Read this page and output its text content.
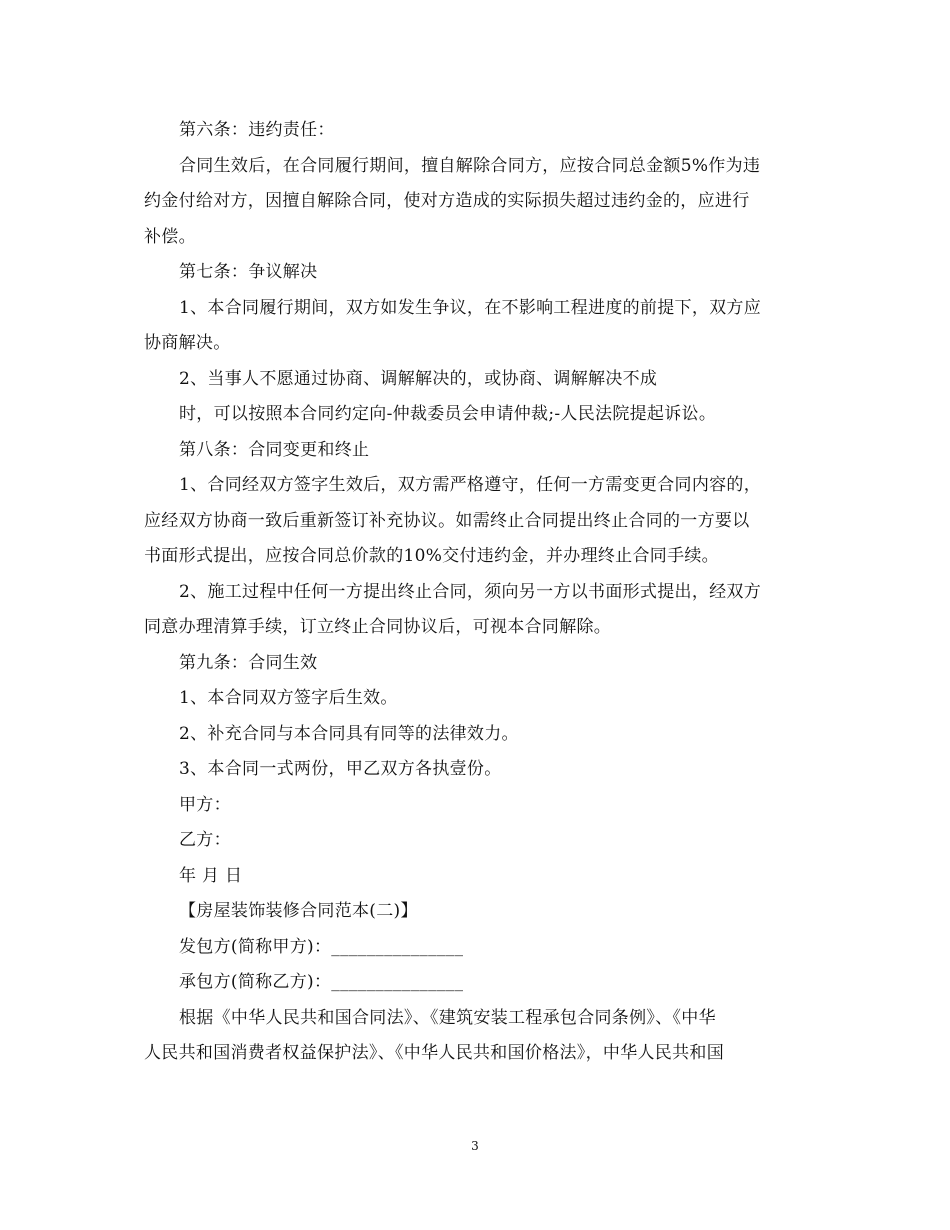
第六条：违约责任：
合同生效后，在合同履行期间，擅自解除合同方，应按合同总金额5%作为违
约金付给对方，因擅自解除合同，使对方造成的实际损失超过违约金的，应进行
补偿。
第七条：争议解决
1、本合同履行期间，双方如发生争议，在不影响工程进度的前提下，双方应
协商解决。
2、当事人不愿通过协商、调解解决的，或协商、调解解决不成
时，可以按照本合同约定向-仲裁委员会申请仲裁;-人民法院提起诉讼。
第八条：合同变更和终止
1、合同经双方签字生效后，双方需严格遵守，任何一方需变更合同内容的，
应经双方协商一致后重新签订补充协议。如需终止合同提出终止合同的一方要以
书面形式提出，应按合同总价款的10%交付违约金，并办理终止合同手续。
2、施工过程中任何一方提出终止合同，须向另一方以书面形式提出，经双方
同意办理清算手续，订立终止合同协议后，可视本合同解除。
第九条：合同生效
1、本合同双方签字后生效。
2、补充合同与本合同具有同等的法律效力。
3、本合同一式两份，甲乙双方各执壹份。
甲方：
乙方：
年 月 日
【房屋装饰装修合同范本(二)】
发包方(简称甲方)：_______________
承包方(简称乙方)：_______________
根据《中华人民共和国合同法》、《建筑安装工程承包合同条例》、《中华
人民共和国消费者权益保护法》、《中华人民共和国价格法》，中华人民共和国
3
